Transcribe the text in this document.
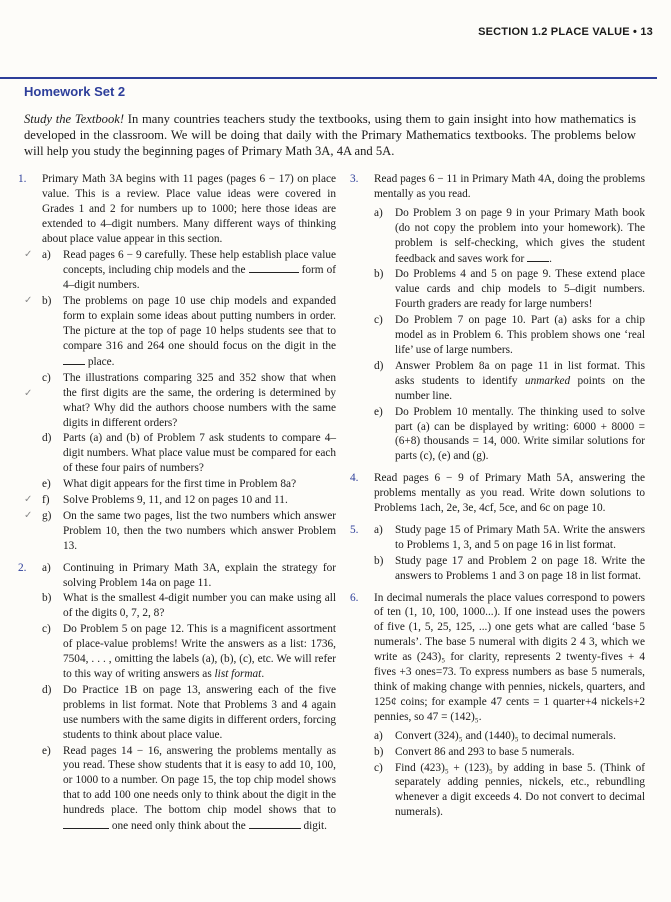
SECTION 1.2 PLACE VALUE • 13
Homework Set 2
Study the Textbook! In many countries teachers study the textbooks, using them to gain insight into how mathematics is developed in the classroom. We will be doing that daily with the Primary Mathematics textbooks. The problems below will help you study the beginning pages of Primary Math 3A, 4A and 5A.
1. Primary Math 3A begins with 11 pages (pages 6 − 17) on place value. This is a review. Place value ideas were covered in Grades 1 and 2 for numbers up to 1000; here those ideas are extended to 4–digit numbers. Many different ways of thinking about place value appear in this section.
✓ a) Read pages 6 − 9 carefully. These help establish place value concepts, including chip models and the	form of 4–digit numbers.
✓ b) The problems on page 10 use chip models and expanded form to explain some ideas about putting numbers in order. The picture at the top of page 10 helps students see that to compare 316 and 264 one should focus on the digit in the  place.
✓
c) The illustrations comparing 325 and 352 show that when the first digits are the same, the ordering is determined by what? Why did the authors choose numbers with the same digits in different orders?
d) Parts (a) and (b) of Problem 7 ask students to compare 4–digit numbers. What place value must be compared for each of these four pairs of numbers?
e) What digit appears for the first time in Problem 8a?
✓ f) Solve Problems 9, 11, and 12 on pages 10 and 11.
✓ g) On the same two pages, list the two numbers which answer Problem 10, then the two numbers which answer Problem 13.
2. a) Continuing in Primary Math 3A, explain the strategy for solving Problem 14a on page 11.
b) What is the smallest 4-digit number you can make using all of the digits 0, 7, 2, 8?
c) Do Problem 5 on page 12. This is a magnificent assortment of place-value problems! Write the answers as a list: 1736, 7504, . . . , omitting the labels (a), (b), (c), etc. We will refer to this way of writing answers as list format.
d) Do Practice 1B on page 13, answering each of the five problems in list format. Note that Problems 3 and 4 again use numbers with the same digits in different orders, forcing students to think about place value.
e) Read pages 14 − 16, answering the problems mentally as you read. These show students that it is easy to add 10, 100, or 1000 to a number. On page 15, the top chip model shows that to add 100 one needs only to think about the digit in the hundreds place. The bottom chip model shows that to  one need only think about the	digit.
3. Read pages 6 − 11 in Primary Math 4A, doing the problems mentally as you read.
a) Do Problem 3 on page 9 in your Primary Math book (do not copy the problem into your homework). The problem is self-checking, which gives the student feedback and saves work for .
b) Do Problems 4 and 5 on page 9. These extend place value cards and chip models to 5–digit numbers. Fourth graders are ready for large numbers!
c) Do Problem 7 on page 10. Part (a) asks for a chip model as in Problem 6. This problem shows one ‘real life’ use of large numbers.
d) Answer Problem 8a on page 11 in list format. This asks students to identify unmarked points on the number line.
e) Do Problem 10 mentally. The thinking used to solve part (a) can be displayed by writing: 6000 + 8000 = (6+8) thousands = 14, 000. Write similar solutions for parts (c), (e) and (g).
4. Read pages 6 − 9 of Primary Math 5A, answering the problems mentally as you read. Write down solutions to Problems 1ach, 2e, 3e, 4cf, 5ce, and 6c on page 10.
5. a) Study page 15 of Primary Math 5A. Write the answers to Problems 1, 3, and 5 on page 16 in list format.
b) Study page 17 and Problem 2 on page 18. Write the answers to Problems 1 and 3 on page 18 in list format.
6. In decimal numerals the place values correspond to powers of ten (1, 10, 100, 1000...). If one instead uses the powers of five (1, 5, 25, 125, ...) one gets what are called ‘base 5 numerals’. The base 5 numeral with digits 2 4 3, which we write as (243)₅ for clarity, represents 2 twenty-fives + 4 fives +3 ones=73. To express numbers as base 5 numerals, think of making change with pennies, nickels, quarters, and 125¢ coins; for example 47 cents = 1 quarter+4 nickels+2 pennies, so 47 = (142)₅.
a) Convert (324)₅ and (1440)₅ to decimal numerals.
b) Convert 86 and 293 to base 5 numerals.
c) Find (423)₅ + (123)₅ by adding in base 5. (Think of separately adding pennies, nickels, etc., rebundling whenever a digit exceeds 4. Do not convert to decimal numerals).
